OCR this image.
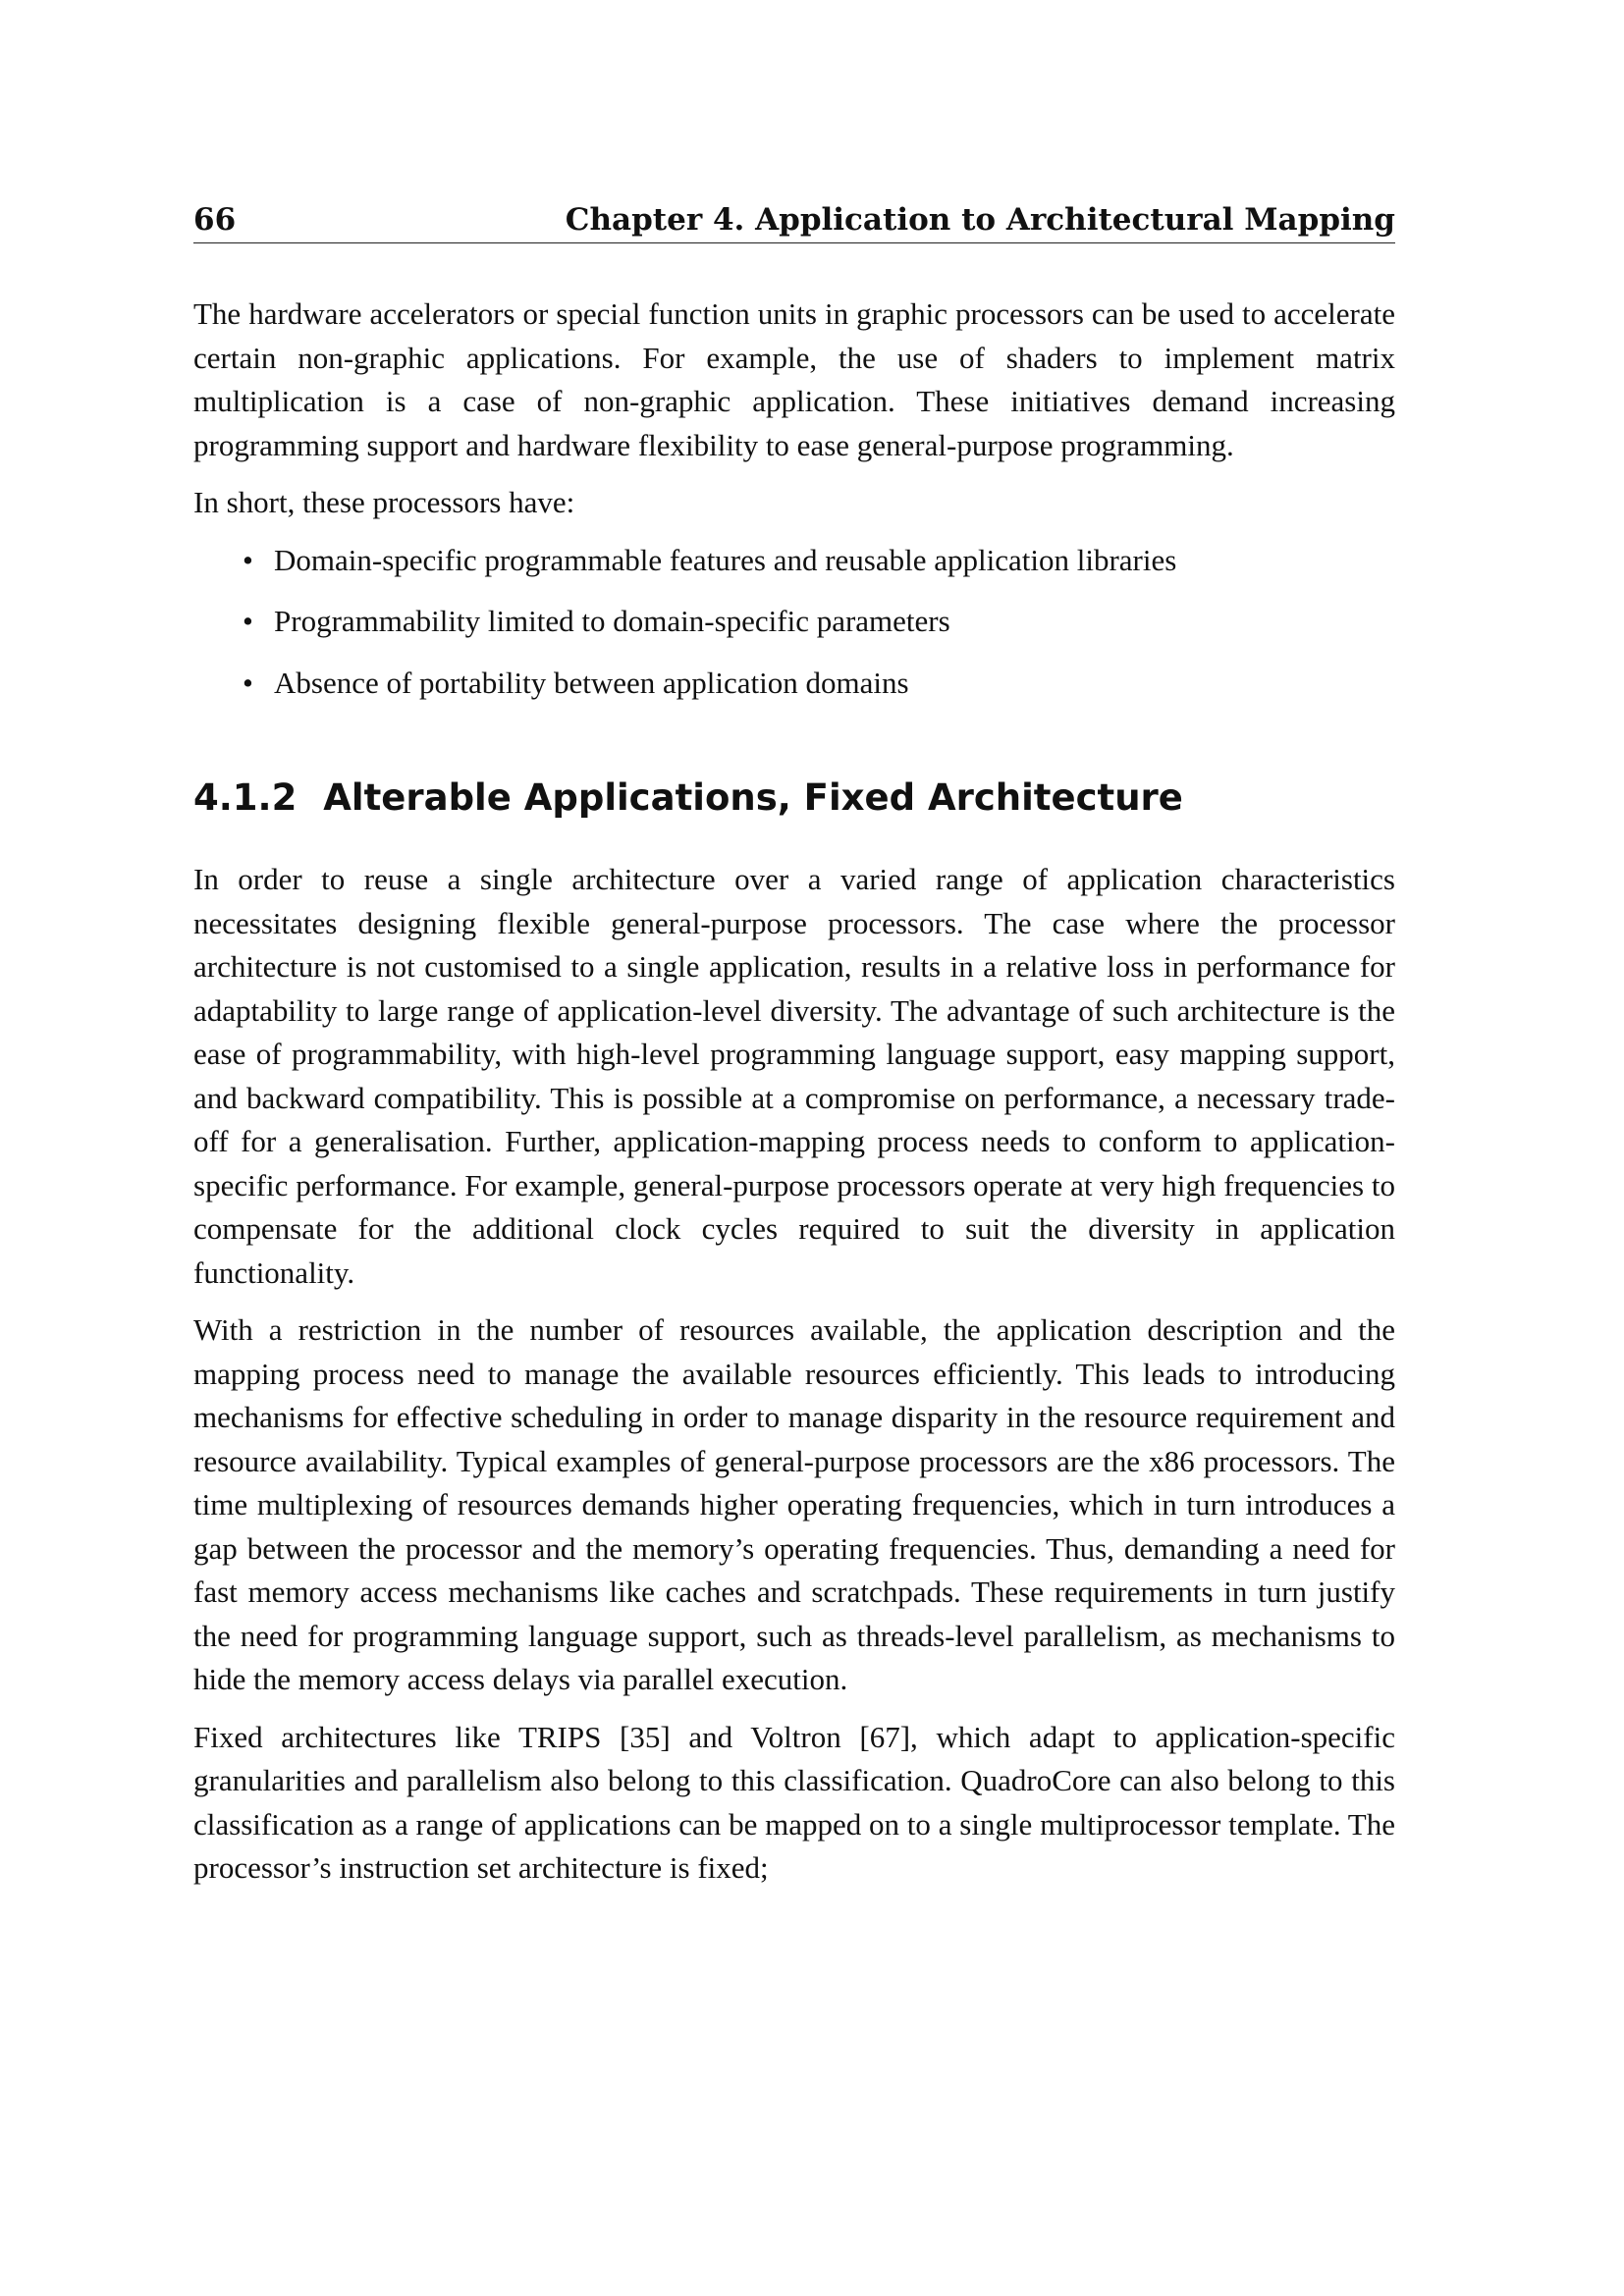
66	Chapter 4. Application to Architectural Mapping

The hardware accelerators or special function units in graphic processors can be used to accelerate certain non-graphic applications. For example, the use of shaders to implement matrix multiplication is a case of non-graphic application. These initiatives demand increasing programming support and hardware flexibility to ease general-purpose programming.

In short, these processors have:

• Domain-specific programmable features and reusable application libraries
• Programmability limited to domain-specific parameters
• Absence of portability between application domains
4.1.2 Alterable Applications, Fixed Architecture

In order to reuse a single architecture over a varied range of application characteristics necessitates designing flexible general-purpose processors. The case where the processor architecture is not customised to a single application, results in a relative loss in performance for adaptability to large range of application-level diversity. The advantage of such architecture is the ease of programmability, with high-level programming language support, easy mapping support, and backward compatibility. This is possible at a compromise on performance, a necessary trade-off for a generalisation. Further, application-mapping process needs to conform to application-specific performance. For example, general-purpose processors operate at very high frequencies to compensate for the additional clock cycles required to suit the diversity in application functionality.

With a restriction in the number of resources available, the application description and the mapping process need to manage the available resources efficiently. This leads to introducing mechanisms for effective scheduling in order to manage disparity in the resource requirement and resource availability. Typical examples of general-purpose processors are the x86 processors. The time multiplexing of resources demands higher operating frequencies, which in turn introduces a gap between the processor and the memory’s operating frequencies. Thus, demanding a need for fast memory access mechanisms like caches and scratchpads. These requirements in turn justify the need for programming language support, such as threads-level parallelism, as mechanisms to hide the memory access delays via parallel execution.

Fixed architectures like TRIPS [35] and Voltron [67], which adapt to application-specific granularities and parallelism also belong to this classification. QuadroCore can also belong to this classification as a range of applications can be mapped on to a single multiprocessor template. The processor’s instruction set architecture is fixed;
